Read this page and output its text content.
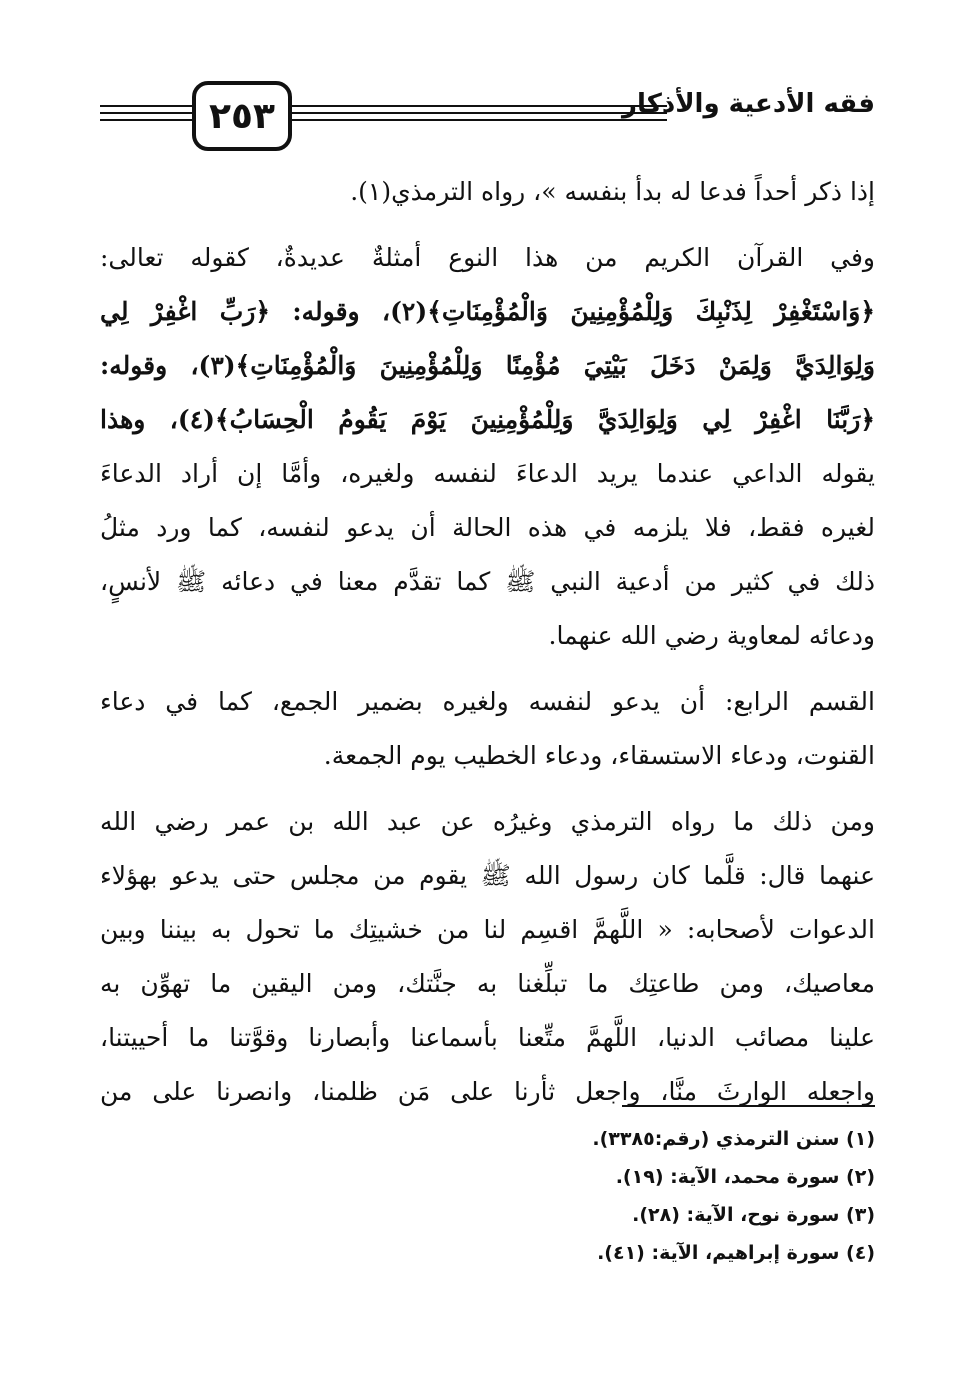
٢٥٣	فقه الأدعية والأذكار
إذا ذكر أحداً فدعا له بدأ بنفسه »، رواه الترمذي(١).
وفي القرآن الكريم من هذا النوع أمثلةٌ عديدةٌ، كقوله تعالى:
﴿وَاسْتَغْفِرْ لِذَنْبِكَ وَلِلْمُؤْمِنِينَ وَالْمُؤْمِنَاتِ﴾(٢)، وقوله: ﴿رَبِّ اغْفِرْ لِي
وَلِوَالِدَيَّ وَلِمَنْ دَخَلَ بَيْتِيَ مُؤْمِنًا وَلِلْمُؤْمِنِينَ وَالْمُؤْمِنَاتِ﴾(٣)، وقوله:
﴿رَبَّنَا اغْفِرْ لِي وَلِوَالِدَيَّ وَلِلْمُؤْمِنِينَ يَوْمَ يَقُومُ الْحِسَابُ﴾(٤)، وهذا
يقوله الداعي عندما يريد الدعاءَ لنفسه ولغيره، وأمَّا إن أراد الدعاءَ
لغيره فقط، فلا يلزمه في هذه الحالة أن يدعو لنفسه، كما ورد مثلُ
ذلك في كثير من أدعية النبي ﷺ كما تقدَّم معنا في دعائه ﷺ لأنسٍ،
ودعائه لمعاوية رضي الله عنهما.
القسم الرابع: أن يدعو لنفسه ولغيره بضمير الجمع، كما في دعاء
القنوت، ودعاء الاستسقاء، ودعاء الخطيب يوم الجمعة.
ومن ذلك ما رواه الترمذي وغيرُه عن عبد الله بن عمر رضي الله
عنهما قال: قلَّما كان رسول الله ﷺ يقوم من مجلس حتى يدعو بهؤلاء
الدعوات لأصحابه: « اللَّهمَّ اقسِم لنا من خشيتِك ما تحول به بيننا وبين
معاصيك، ومن طاعتِك ما تبلِّغنا به جنَّتك، ومن اليقين ما تهوِّن به
علينا مصائب الدنيا، اللَّهمَّ متِّعنا بأسماعنا وأبصارنا وقوَّتنا ما أحييتنا،
واجعله الوارثَ منَّا، واجعل ثأرنا على مَن ظلمنا، وانصرنا على من
(١) سنن الترمذي (رقم:٣٣٨٥).
(٢) سورة محمد، الآية: (١٩).
(٣) سورة نوح، الآية: (٢٨).
(٤) سورة إبراهيم، الآية: (٤١).
